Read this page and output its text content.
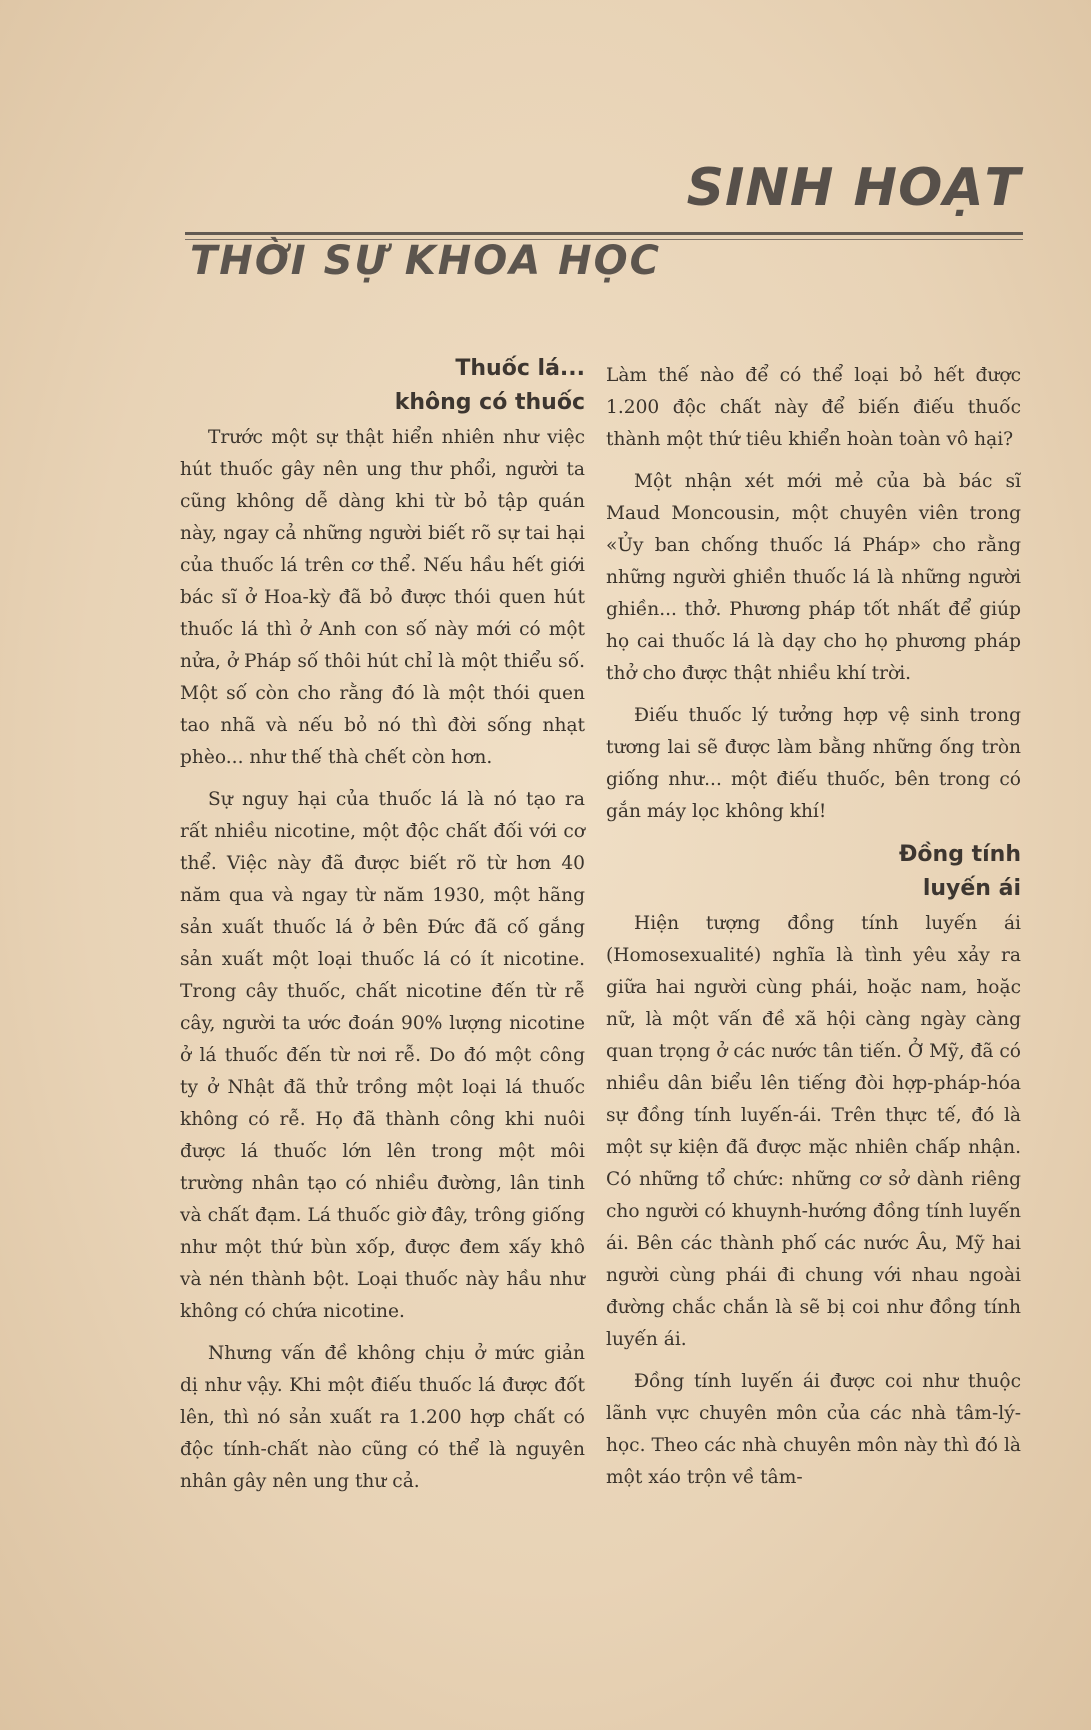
SINH HOẠT
THỜI SỰ KHOA HỌC
Thuốc lá...
không có thuốc

Trước một sự thật hiển nhiên như việc hút thuốc gây nên ung thư phổi, người ta cũng không dễ dàng khi từ bỏ tập quán này, ngay cả những người biết rõ sự tai hại của thuốc lá trên cơ thể. Nếu hầu hết giới bác sĩ ở Hoa-kỳ đã bỏ được thói quen hút thuốc lá thì ở Anh con số này mới có một nửa, ở Pháp số thôi hút chỉ là một thiểu số. Một số còn cho rằng đó là một thói quen tao nhã và nếu bỏ nó thì đời sống nhạt phèo... như thế thà chết còn hơn.

Sự nguy hại của thuốc lá là nó tạo ra rất nhiều nicotine, một độc chất đối với cơ thể. Việc này đã được biết rõ từ hơn 40 năm qua và ngay từ năm 1930, một hãng sản xuất thuốc lá ở bên Đức đã cố gắng sản xuất một loại thuốc lá có ít nicotine. Trong cây thuốc, chất nicotine đến từ rễ cây, người ta ước đoán 90% lượng nicotine ở lá thuốc đến từ nơi rễ. Do đó một công ty ở Nhật đã thử trồng một loại lá thuốc không có rễ. Họ đã thành công khi nuôi được lá thuốc lớn lên trong một môi trường nhân tạo có nhiều đường, lân tinh và chất đạm. Lá thuốc giờ đây, trông giống như một thứ bùn xốp, được đem xấy khô và nén thành bột. Loại thuốc này hầu như không có chứa nicotine.

Nhưng vấn đề không chịu ở mức giản dị như vậy. Khi một điếu thuốc lá được đốt lên, thì nó sản xuất ra 1.200 hợp chất có độc tính-chất nào cũng có thể là nguyên nhân gây nên ung thư cả.

Làm thế nào để có thể loại bỏ hết được 1.200 độc chất này để biến điếu thuốc thành một thứ tiêu khiển hoàn toàn vô hại?

Một nhận xét mới mẻ của bà bác sĩ Maud Moncousin, một chuyên viên trong «Ủy ban chống thuốc lá Pháp» cho rằng những người ghiền thuốc lá là những người ghiền... thở. Phương pháp tốt nhất để giúp họ cai thuốc lá là dạy cho họ phương pháp thở cho được thật nhiều khí trời.

Điếu thuốc lý tưởng hợp vệ sinh trong tương lai sẽ được làm bằng những ống tròn giống như... một điếu thuốc, bên trong có gắn máy lọc không khí!

Đồng tính
luyến ái

Hiện tượng đồng tính luyến ái (Homosexualité) nghĩa là tình yêu xảy ra giữa hai người cùng phái, hoặc nam, hoặc nữ, là một vấn đề xã hội càng ngày càng quan trọng ở các nước tân tiến. Ở Mỹ, đã có nhiều dân biểu lên tiếng đòi hợp-pháp-hóa sự đồng tính luyến-ái. Trên thực tế, đó là một sự kiện đã được mặc nhiên chấp nhận. Có những tổ chức: những cơ sở dành riêng cho người có khuynh-hướng đồng tính luyến ái. Bên các thành phố các nước Âu, Mỹ hai người cùng phái đi chung với nhau ngoài đường chắc chắn là sẽ bị coi như đồng tính luyến ái.

Đồng tính luyến ái được coi như thuộc lãnh vực chuyên môn của các nhà tâm-lý-học. Theo các nhà chuyên môn này thì đó là một xáo trộn về tâm-
